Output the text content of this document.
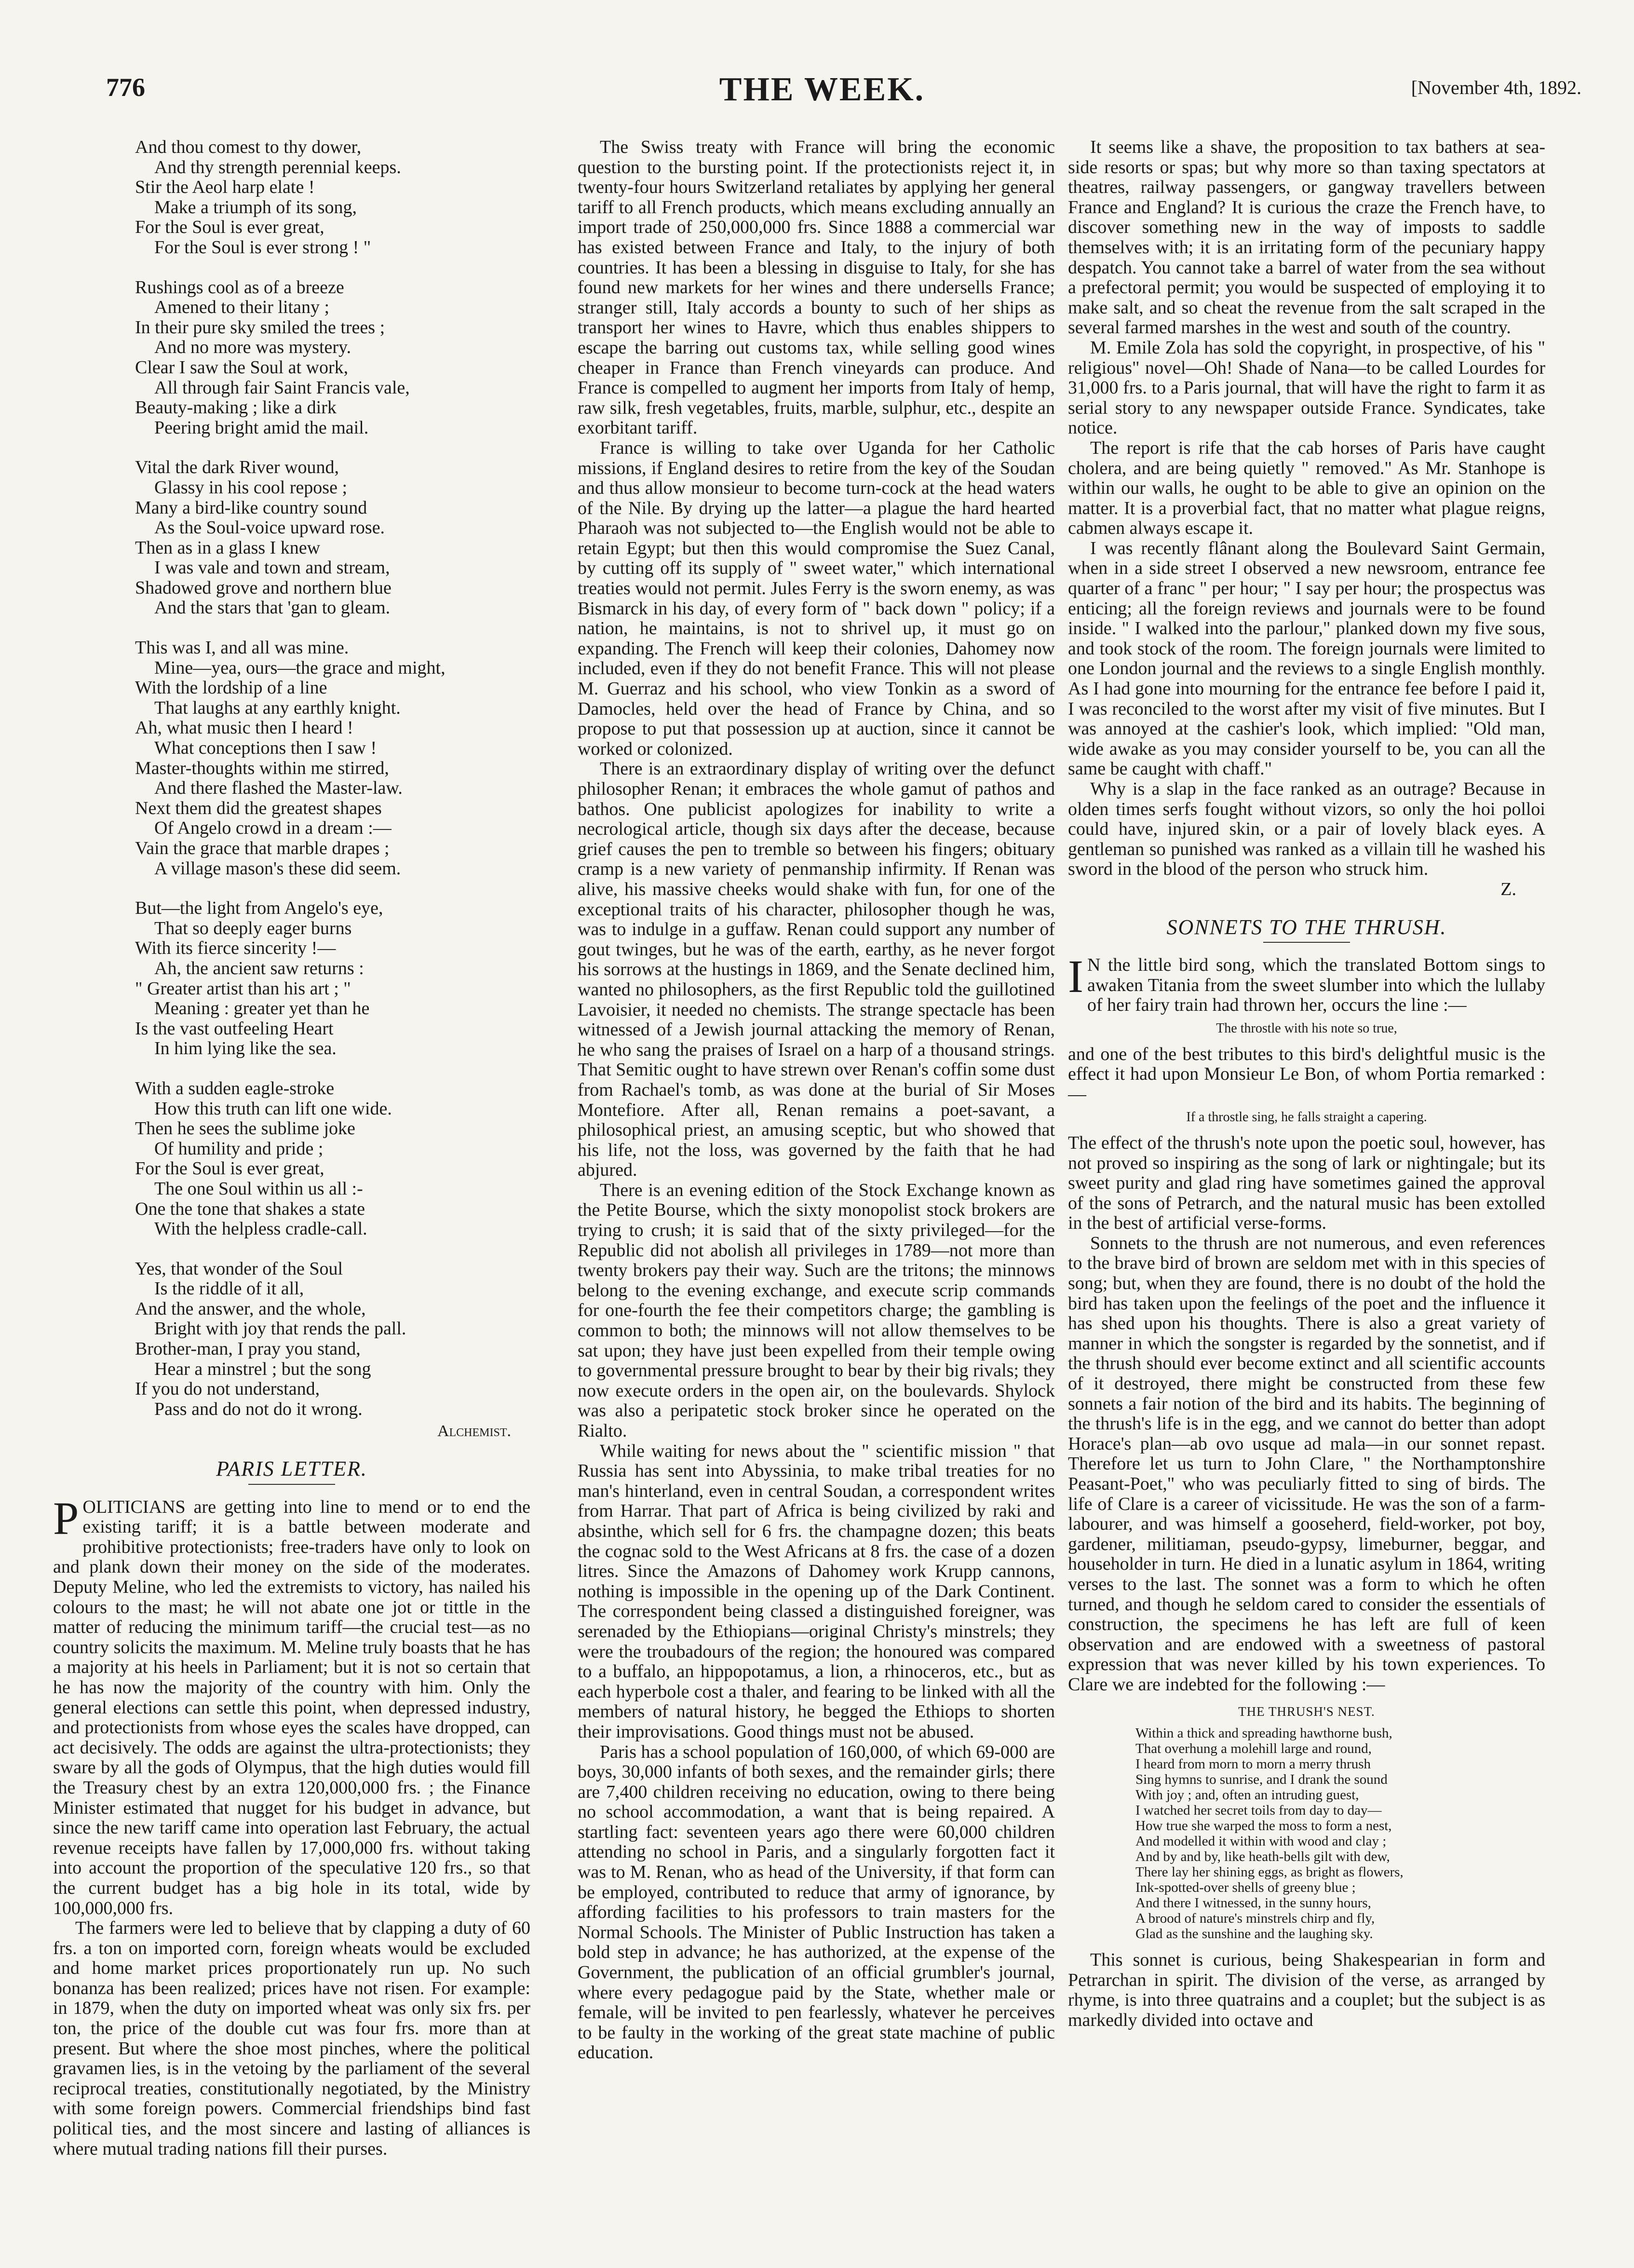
776	THE WEEK.	[November 4th, 1892.
And thou comest to thy dower,
And thy strength perennial keeps.
Stir the Aeol harp elate !
Make a triumph of its song,
For the Soul is ever great,
For the Soul is ever strong ! "
Rushings cool as of a breeze
Amened to their litany ;
In their pure sky smiled the trees ;
And no more was mystery.
Clear I saw the Soul at work,
All through fair Saint Francis vale,
Beauty-making ; like a dirk
Peering bright amid the mail.
Vital the dark River wound,
Glassy in his cool repose ;
Many a bird-like country sound
As the Soul-voice upward rose.
Then as in a glass I knew
I was vale and town and stream,
Shadowed grove and northern blue
And the stars that 'gan to gleam.
This was I, and all was mine.
Mine—yea, ours—the grace and might,
With the lordship of a line
That laughs at any earthly knight.
Ah, what music then I heard !
What conceptions then I saw !
Master-thoughts within me stirred,
And there flashed the Master-law.
Next them did the greatest shapes
Of Angelo crowd in a dream :—
Vain the grace that marble drapes ;
A village mason's these did seem.
But—the light from Angelo's eye,
That so deeply eager burns
With its fierce sincerity !—
Ah, the ancient saw returns :
" Greater artist than his art ; "
Meaning : greater yet than he
Is the vast outfeeling Heart
In him lying like the sea.
With a sudden eagle-stroke
How this truth can lift one wide.
Then he sees the sublime joke
Of humility and pride ;
For the Soul is ever great,
The one Soul within us all :-
One the tone that shakes a state
With the helpless cradle-call.
Yes, that wonder of the Soul
Is the riddle of it all,
And the answer, and the whole,
Bright with joy that rends the pall.
Brother-man, I pray you stand,
Hear a minstrel ; but the song
If you do not understand,
Pass and do not do it wrong.
Alchemist.
PARIS LETTER.

POLITICIANS are getting into line to mend or to end the existing tariff; it is a battle between moderate and prohibitive protectionists; free-traders have only to look on and plank down their money on the side of the moderates. Deputy Meline, who led the extremists to victory, has nailed his colours to the mast; he will not abate one jot or tittle in the matter of reducing the minimum tariff—the crucial test—as no country solicits the maximum. M. Meline truly boasts that he has a majority at his heels in Parliament; but it is not so certain that he has now the majority of the country with him. Only the general elections can settle this point, when depressed industry, and protectionists from whose eyes the scales have dropped, can act decisively. The odds are against the ultra-protectionists; they sware by all the gods of Olympus, that the high duties would fill the Treasury chest by an extra 120,000,000 frs. ; the Finance Minister estimated that nugget for his budget in advance, but since the new tariff came into operation last February, the actual revenue receipts have fallen by 17,000,000 frs. without taking into account the proportion of the speculative 120 frs., so that the current budget has a big hole in its total, wide by 100,000,000 frs.

The farmers were led to believe that by clapping a duty of 60 frs. a ton on imported corn, foreign wheats would be excluded and home market prices proportionately run up. No such bonanza has been realized; prices have not risen. For example: in 1879, when the duty on imported wheat was only six frs. per ton, the price of the double cut was four frs. more than at present. But where the shoe most pinches, where the political gravamen lies, is in the vetoing by the parliament of the several reciprocal treaties, constitutionally negotiated, by the Ministry with some foreign powers. Commercial friendships bind fast political ties, and the most sincere and lasting of alliances is where mutual trading nations fill their purses.

The Swiss treaty with France will bring the economic question to the bursting point. If the protectionists reject it, in twenty-four hours Switzerland retaliates by applying her general tariff to all French products, which means excluding annually an import trade of 250,000,000 frs. Since 1888 a commercial war has existed between France and Italy, to the injury of both countries. It has been a blessing in disguise to Italy, for she has found new markets for her wines and there undersells France; stranger still, Italy accords a bounty to such of her ships as transport her wines to Havre, which thus enables shippers to escape the barring out customs tax, while selling good wines cheaper in France than French vineyards can produce. And France is compelled to augment her imports from Italy of hemp, raw silk, fresh vegetables, fruits, marble, sulphur, etc., despite an exorbitant tariff.

France is willing to take over Uganda for her Catholic missions, if England desires to retire from the key of the Soudan and thus allow monsieur to become turn-cock at the head waters of the Nile. By drying up the latter—a plague the hard hearted Pharaoh was not subjected to—the English would not be able to retain Egypt; but then this would compromise the Suez Canal, by cutting off its supply of " sweet water," which international treaties would not permit. Jules Ferry is the sworn enemy, as was Bismarck in his day, of every form of " back down " policy; if a nation, he maintains, is not to shrivel up, it must go on expanding. The French will keep their colonies, Dahomey now included, even if they do not benefit France. This will not please M. Guerraz and his school, who view Tonkin as a sword of Damocles, held over the head of France by China, and so propose to put that possession up at auction, since it cannot be worked or colonized.

There is an extraordinary display of writing over the defunct philosopher Renan; it embraces the whole gamut of pathos and bathos. One publicist apologizes for inability to write a necrological article, though six days after the decease, because grief causes the pen to tremble so between his fingers; obituary cramp is a new variety of penmanship infirmity. If Renan was alive, his massive cheeks would shake with fun, for one of the exceptional traits of his character, philosopher though he was, was to indulge in a guffaw. Renan could support any number of gout twinges, but he was of the earth, earthy, as he never forgot his sorrows at the hustings in 1869, and the Senate declined him, wanted no philosophers, as the first Republic told the guillotined Lavoisier, it needed no chemists. The strange spectacle has been witnessed of a Jewish journal attacking the memory of Renan, he who sang the praises of Israel on a harp of a thousand strings. That Semitic ought to have strewn over Renan's coffin some dust from Rachael's tomb, as was done at the burial of Sir Moses Montefiore. After all, Renan remains a poet-savant, a philosophical priest, an amusing sceptic, but who showed that his life, not the loss, was governed by the faith that he had abjured.

There is an evening edition of the Stock Exchange known as the Petite Bourse, which the sixty monopolist stock brokers are trying to crush; it is said that of the sixty privileged—for the Republic did not abolish all privileges in 1789—not more than twenty brokers pay their way. Such are the tritons; the minnows belong to the evening exchange, and execute scrip commands for one-fourth the fee their competitors charge; the gambling is common to both; the minnows will not allow themselves to be sat upon; they have just been expelled from their temple owing to governmental pressure brought to bear by their big rivals; they now execute orders in the open air, on the boulevards. Shylock was also a peripatetic stock broker since he operated on the Rialto.

While waiting for news about the " scientific mission " that Russia has sent into Abyssinia, to make tribal treaties for no man's hinterland, even in central Soudan, a correspondent writes from Harrar. That part of Africa is being civilized by raki and absinthe, which sell for 6 frs. the champagne dozen; this beats the cognac sold to the West Africans at 8 frs. the case of a dozen litres. Since the Amazons of Dahomey work Krupp cannons, nothing is impossible in the opening up of the Dark Continent. The correspondent being classed a distinguished foreigner, was serenaded by the Ethiopians—original Christy's minstrels; they were the troubadours of the region; the honoured was compared to a buffalo, an hippopotamus, a lion, a rhinoceros, etc., but as each hyperbole cost a thaler, and fearing to be linked with all the members of natural history, he begged the Ethiops to shorten their improvisations. Good things must not be abused.

Paris has a school population of 160,000, of which 69-000 are boys, 30,000 infants of both sexes, and the remainder girls; there are 7,400 children receiving no education, owing to there being no school accommodation, a want that is being repaired. A startling fact: seventeen years ago there were 60,000 children attending no school in Paris, and a singularly forgotten fact it was to M. Renan, who as head of the University, if that form can be employed, contributed to reduce that army of ignorance, by affording facilities to his professors to train masters for the Normal Schools. The Minister of Public Instruction has taken a bold step in advance; he has authorized, at the expense of the Government, the publication of an official grumbler's journal, where every pedagogue paid by the State, whether male or female, will be invited to pen fearlessly, whatever he perceives to be faulty in the working of the great state machine of public education.

It seems like a shave, the proposition to tax bathers at sea-side resorts or spas; but why more so than taxing spectators at theatres, railway passengers, or gangway travellers between France and England? It is curious the craze the French have, to discover something new in the way of imposts to saddle themselves with; it is an irritating form of the pecuniary happy despatch. You cannot take a barrel of water from the sea without a prefectoral permit; you would be suspected of employing it to make salt, and so cheat the revenue from the salt scraped in the several farmed marshes in the west and south of the country.

M. Emile Zola has sold the copyright, in prospective, of his " religious" novel—Oh! Shade of Nana—to be called Lourdes for 31,000 frs. to a Paris journal, that will have the right to farm it as serial story to any newspaper outside France. Syndicates, take notice.

The report is rife that the cab horses of Paris have caught cholera, and are being quietly " removed." As Mr. Stanhope is within our walls, he ought to be able to give an opinion on the matter. It is a proverbial fact, that no matter what plague reigns, cabmen always escape it.

I was recently flânant along the Boulevard Saint Germain, when in a side street I observed a new newsroom, entrance fee quarter of a franc " per hour; " I say per hour; the prospectus was enticing; all the foreign reviews and journals were to be found inside. " I walked into the parlour," planked down my five sous, and took stock of the room. The foreign journals were limited to one London journal and the reviews to a single English monthly. As I had gone into mourning for the entrance fee before I paid it, I was reconciled to the worst after my visit of five minutes. But I was annoyed at the cashier's look, which implied: "Old man, wide awake as you may consider yourself to be, you can all the same be caught with chaff."

Why is a slap in the face ranked as an outrage? Because in olden times serfs fought without vizors, so only the hoi polloi could have, injured skin, or a pair of lovely black eyes. A gentleman so punished was ranked as a villain till he washed his sword in the blood of the person who struck him.

Z.
SONNETS TO THE THRUSH.

I N the little bird song, which the translated Bottom sings to awaken Titania from the sweet slumber into which the lullaby of her fairy train had thrown her, occurs the line :—

The throstle with his note so true,

and one of the best tributes to this bird's delightful music is the effect it had upon Monsieur Le Bon, of whom Portia remarked :—

If a throstle sing, he falls straight a capering.

The effect of the thrush's note upon the poetic soul, however, has not proved so inspiring as the song of lark or nightingale; but its sweet purity and glad ring have sometimes gained the approval of the sons of Petrarch, and the natural music has been extolled in the best of artificial verse-forms.

Sonnets to the thrush are not numerous, and even references to the brave bird of brown are seldom met with in this species of song; but, when they are found, there is no doubt of the hold the bird has taken upon the feelings of the poet and the influence it has shed upon his thoughts. There is also a great variety of manner in which the songster is regarded by the sonnetist, and if the thrush should ever become extinct and all scientific accounts of it destroyed, there might be constructed from these few sonnets a fair notion of the bird and its habits. The beginning of the thrush's life is in the egg, and we cannot do better than adopt Horace's plan—ab ovo usque ad mala—in our sonnet repast. Therefore let us turn to John Clare, " the Northamptonshire Peasant-Poet," who was peculiarly fitted to sing of birds. The life of Clare is a career of vicissitude. He was the son of a farm-labourer, and was himself a gooseherd, field-worker, pot boy, gardener, militiaman, pseudo-gypsy, limeburner, beggar, and householder in turn. He died in a lunatic asylum in 1864, writing verses to the last. The sonnet was a form to which he often turned, and though he seldom cared to consider the essentials of construction, the specimens he has left are full of keen observation and are endowed with a sweetness of pastoral expression that was never killed by his town experiences. To Clare we are indebted for the following :—

THE THRUSH'S NEST.
Within a thick and spreading hawthorne bush,
That overhung a molehill large and round,
I heard from morn to morn a merry thrush
Sing hymns to sunrise, and I drank the sound
With joy ; and, often an intruding guest,
I watched her secret toils from day to day—
How true she warped the moss to form a nest,
And modelled it within with wood and clay ;
And by and by, like heath-bells gilt with dew,
There lay her shining eggs, as bright as flowers,
Ink-spotted-over shells of greeny blue ;
And there I witnessed, in the sunny hours,
A brood of nature's minstrels chirp and fly,
Glad as the sunshine and the laughing sky.

This sonnet is curious, being Shakespearian in form and Petrarchan in spirit. The division of the verse, as arranged by rhyme, is into three quatrains and a couplet; but the subject is as markedly divided into octave and
